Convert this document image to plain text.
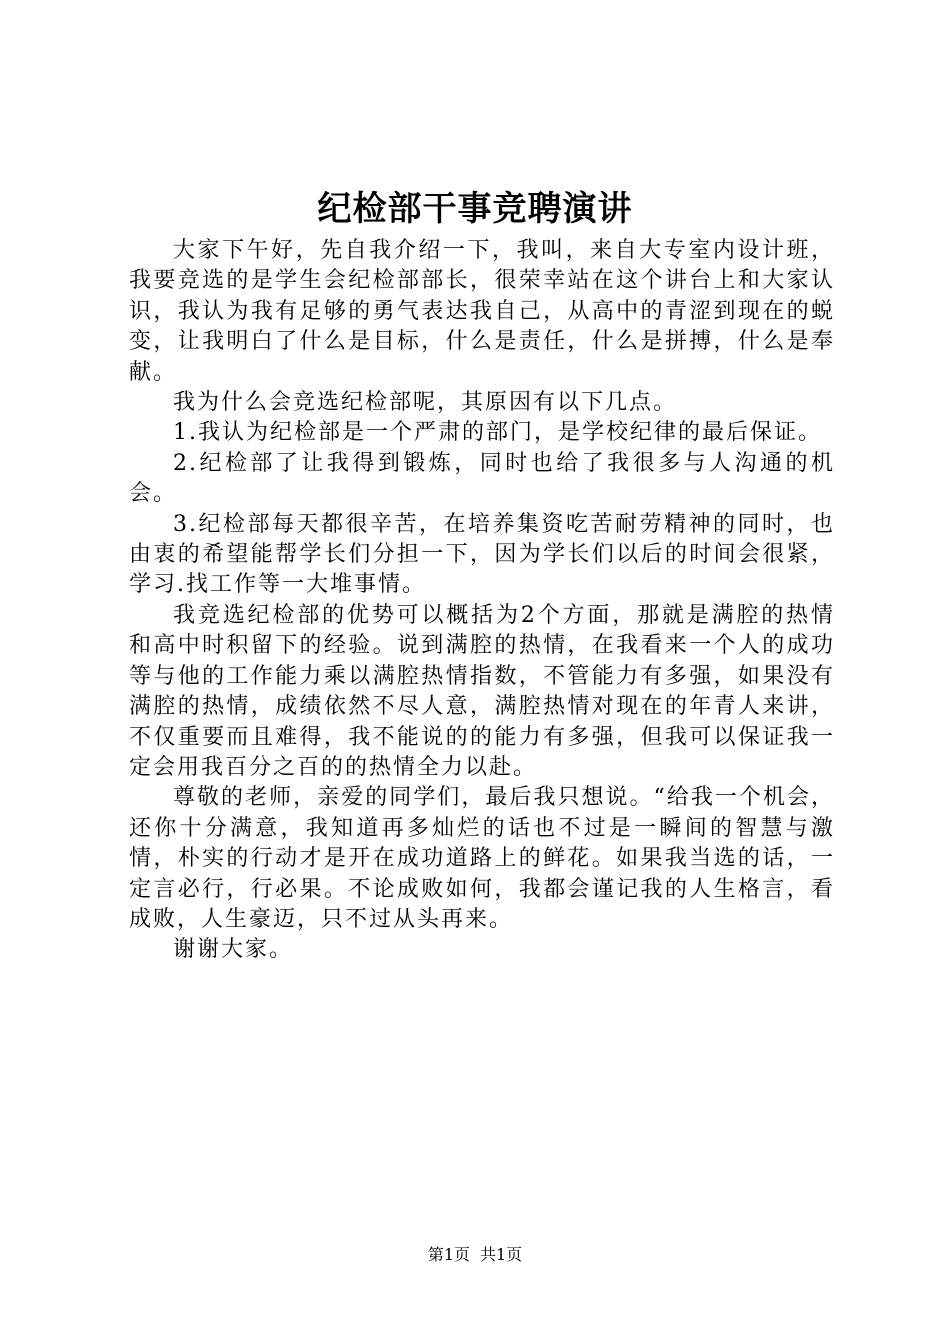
纪检部干事竞聘演讲

大家下午好，先自我介绍一下，我叫，来自大专室内设计班，我要竞选的是学生会纪检部部长，很荣幸站在这个讲台上和大家认识，我认为我有足够的勇气表达我自己，从高中的青涩到现在的蜕变，让我明白了什么是目标，什么是责任，什么是拼搏，什么是奉献。

我为什么会竞选纪检部呢，其原因有以下几点。

1.我认为纪检部是一个严肃的部门，是学校纪律的最后保证。

2.纪检部了让我得到锻炼，同时也给了我很多与人沟通的机会。

3.纪检部每天都很辛苦，在培养集资吃苦耐劳精神的同时，也由衷的希望能帮学长们分担一下，因为学长们以后的时间会很紧，学习.找工作等一大堆事情。

我竞选纪检部的优势可以概括为2个方面，那就是满腔的热情和高中时积留下的经验。说到满腔的热情，在我看来一个人的成功等与他的工作能力乘以满腔热情指数，不管能力有多强，如果没有满腔的热情，成绩依然不尽人意，满腔热情对现在的年青人来讲，不仅重要而且难得，我不能说的的能力有多强，但我可以保证我一定会用我百分之百的的热情全力以赴。

尊敬的老师，亲爱的同学们，最后我只想说。“给我一个机会，还你十分满意，我知道再多灿烂的话也不过是一瞬间的智慧与激情，朴实的行动才是开在成功道路上的鲜花。如果我当选的话，一定言必行，行必果。不论成败如何，我都会谨记我的人生格言，看成败，人生豪迈，只不过从头再来。

谢谢大家。

第1页 共1页
